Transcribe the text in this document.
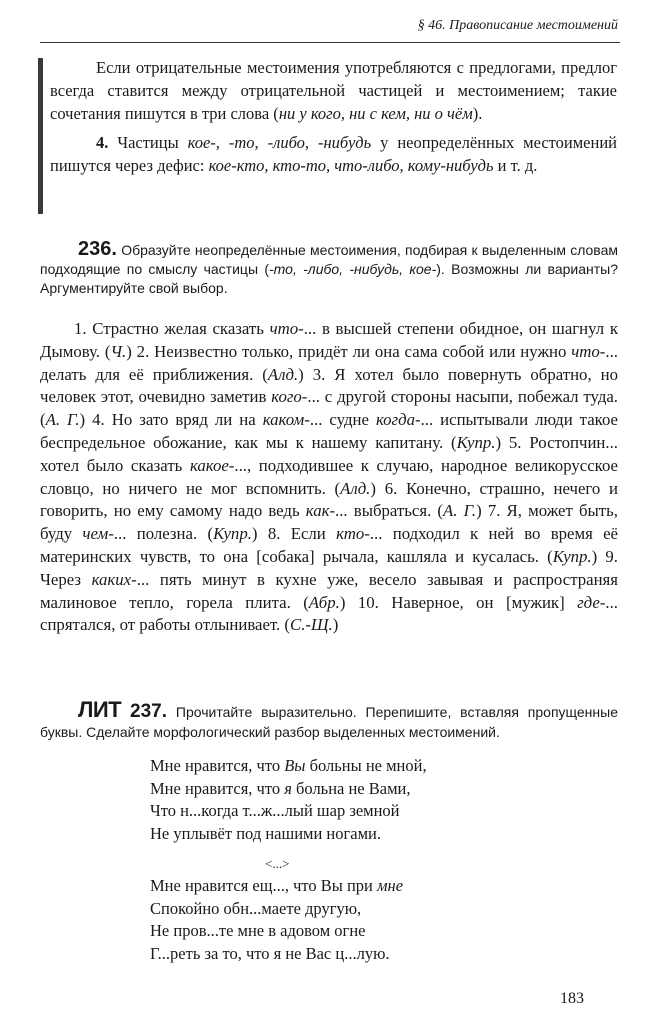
§ 46. Правописание местоимений

Если отрицательные местоимения употребляются с предлогами, предлог всегда ставится между отрицательной частицей и местоимением; такие сочетания пишутся в три слова (ни у кого, ни с кем, ни о чём).

4. Частицы кое-, -то, -либо, -нибудь у неопределённых местоимений пишутся через дефис: кое-кто, кто-то, что-либо, кому-нибудь и т. д.

236. Образуйте неопределённые местоимения, подбирая к выделенным словам подходящие по смыслу частицы (-то, -либо, -нибудь, кое-). Возможны ли варианты? Аргументируйте свой выбор.

1. Страстно желая сказать что-... в высшей степени обидное, он шагнул к Дымову. (Ч.) 2. Неизвестно только, придёт ли она сама собой или нужно что-... делать для её приближения. (Алд.) 3. Я хотел было повернуть обратно, но человек этот, очевидно заметив кого-... с другой стороны насыпи, побежал туда. (А. Г.) 4. Но зато вряд ли на каком-... судне когда-... испытывали люди такое беспредельное обожание, как мы к нашему капитану. (Купр.) 5. Ростопчин... хотел было сказать какое-..., подходившее к случаю, народное великорусское словцо, но ничего не мог вспомнить. (Алд.) 6. Конечно, страшно, нечего и говорить, но ему самому надо ведь как-... выбраться. (А. Г.) 7. Я, может быть, буду чем-... полезна. (Купр.) 8. Если кто-... подходил к ней во время её материнских чувств, то она [собака] рычала, кашляла и кусалась. (Купр.) 9. Через каких-... пять минут в кухне уже, весело завывая и распространяя малиновое тепло, горела плита. (Абр.) 10. Наверное, он [мужик] где-... спрятался, от работы отлынивает. (С.-Щ.)

ЛИТ 237. Прочитайте выразительно. Перепишите, вставляя пропущенные буквы. Сделайте морфологический разбор выделенных местоимений.
Мне нравится, что Вы больны не мной,
Мне нравится, что я больна не Вами,
Что н...когда т...ж...лый шар земной
Не уплывёт под нашими ногами.
<...>
Мне нравится ещ..., что Вы при мне
Спокойно обн...маете другую,
Не пров...те мне в адовом огне
Г...реть за то, что я не Вас ц...лую.
183
